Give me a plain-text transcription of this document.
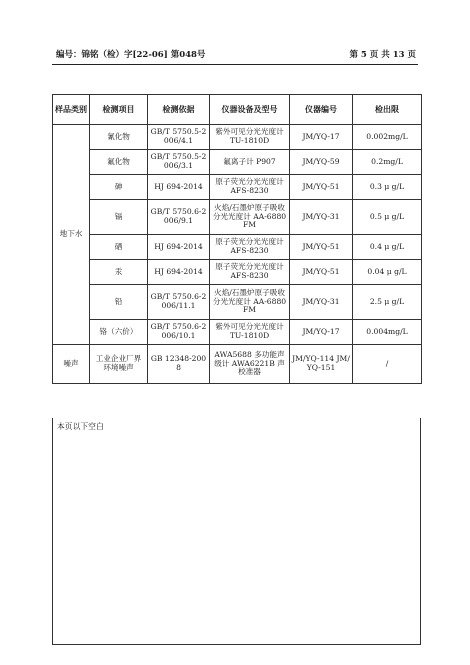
编号：锦铭（检）字[22-06] 第048号	第 5 页 共 13 页
样品类别	检测项目	检测依据	仪器设备及型号	仪器编号	检出限
地下水	氰化物	GB/T 5750.5-2006/4.1	紫外可见分光光度计 TU-1810D	JM/YQ-17	0.002mg/L
	氟化物	GB/T 5750.5-2006/3.1	氟离子计 P907	JM/YQ-59	0.2mg/L
	砷	HJ 694-2014	原子荧光分光光度计 AFS-8230	JM/YQ-51	0.3 μ g/L
	镉	GB/T 5750.6-2006/9.1	火焰/石墨炉原子吸收分光光度计 AA-6880FM	JM/YQ-31	0.5 μ g/L
	硒	HJ 694-2014	原子荧光分光光度计 AFS-8230	JM/YQ-51	0.4 μ g/L
	汞	HJ 694-2014	原子荧光分光光度计 AFS-8230	JM/YQ-51	0.04 μ g/L
	铅	GB/T 5750.6-2006/11.1	火焰/石墨炉原子吸收分光光度计 AA-6880FM	JM/YQ-31	2.5 μ g/L
	铬（六价）	GB/T 5750.6-2006/10.1	紫外可见分光光度计 TU-1810D	JM/YQ-17	0.004mg/L
噪声	工业企业厂界环境噪声	GB 12348-2008	AWA5688 多功能声级计 AWA6221B 声校准器	JM/YQ-114 JM/YQ-151	/
本页以下空白
